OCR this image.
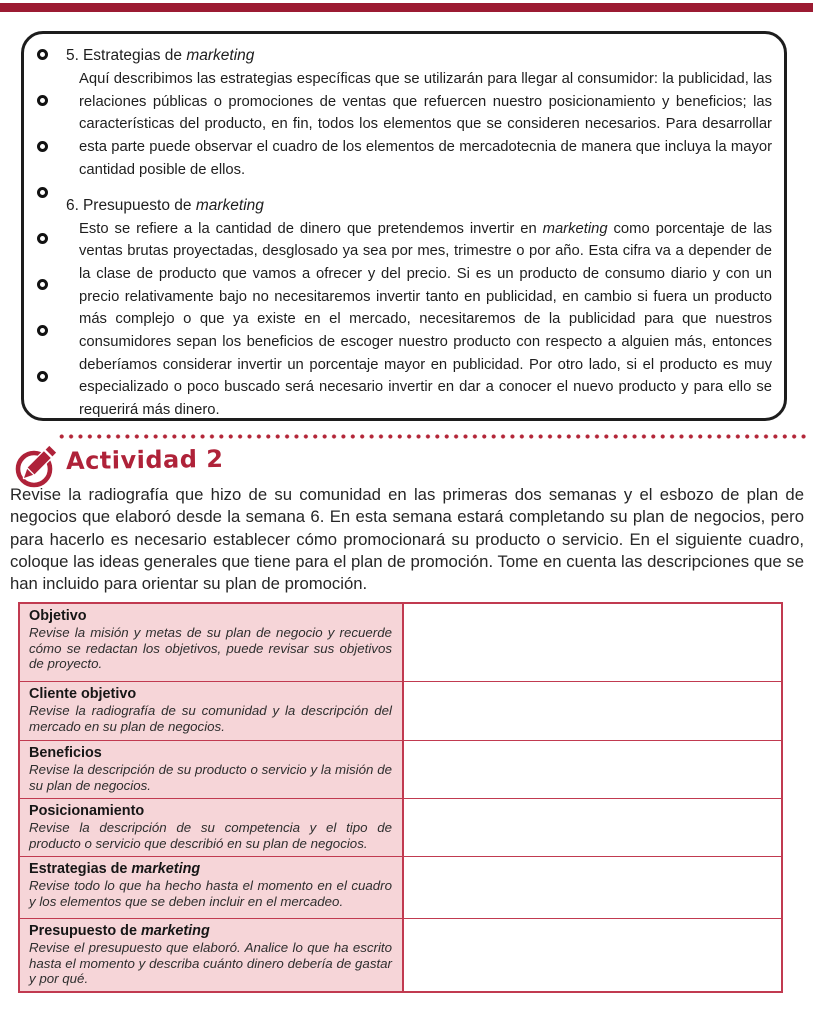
5. Estrategias de marketing
Aquí describimos las estrategias específicas que se utilizarán para llegar al consumidor: la publicidad, las relaciones públicas o promociones de ventas que refuercen nuestro posicionamiento y beneficios; las características del producto, en fin, todos los elementos que se consideren necesarios. Para desarrollar esta parte puede observar el cuadro de los elementos de mercadotecnia de manera que incluya la mayor cantidad posible de ellos.
6. Presupuesto de marketing
Esto se refiere a la cantidad de dinero que pretendemos invertir en marketing como porcentaje de las ventas brutas proyectadas, desglosado ya sea por mes, trimestre o por año. Esta cifra va a depender de la clase de producto que vamos a ofrecer y del precio. Si es un producto de consumo diario y con un precio relativamente bajo no necesitaremos invertir tanto en publicidad, en cambio si fuera un producto más complejo o que ya existe en el mercado, necesitaremos de la publicidad para que nuestros consumidores sepan los beneficios de escoger nuestro producto con respecto a alguien más, entonces deberíamos considerar invertir un porcentaje mayor en publicidad. Por otro lado, si el producto es muy especializado o poco buscado será necesario invertir en dar a conocer el nuevo producto y para ello se requerirá más dinero.
Actividad 2

Revise la radiografía que hizo de su comunidad en las primeras dos semanas y el esbozo de plan de negocios que elaboró desde la semana 6. En esta semana estará completando su plan de negocios, pero para hacerlo es necesario establecer cómo promocionará su producto o servicio. En el siguiente cuadro, coloque las ideas generales que tiene para el plan de promoción. Tome en cuenta las descripciones que se han incluido para orientar su plan de promoción.

Objetivo
Revise la misión y metas de su plan de negocio y recuerde cómo se redactan los objetivos, puede revisar sus objetivos de proyecto.
Cliente objetivo
Revise la radiografía de su comunidad y la descripción del mercado en su plan de negocios.
Beneficios
Revise la descripción de su producto o servicio y la misión de su plan de negocios.
Posicionamiento
Revise la descripción de su competencia y el tipo de producto o servicio que describió en su plan de negocios.
Estrategias de marketing
Revise todo lo que ha hecho hasta el momento en el cuadro y los elementos que se deben incluir en el mercadeo.
Presupuesto de marketing
Revise el presupuesto que elaboró. Analice lo que ha escrito hasta el momento y describa cuánto dinero debería de gastar y por qué.
